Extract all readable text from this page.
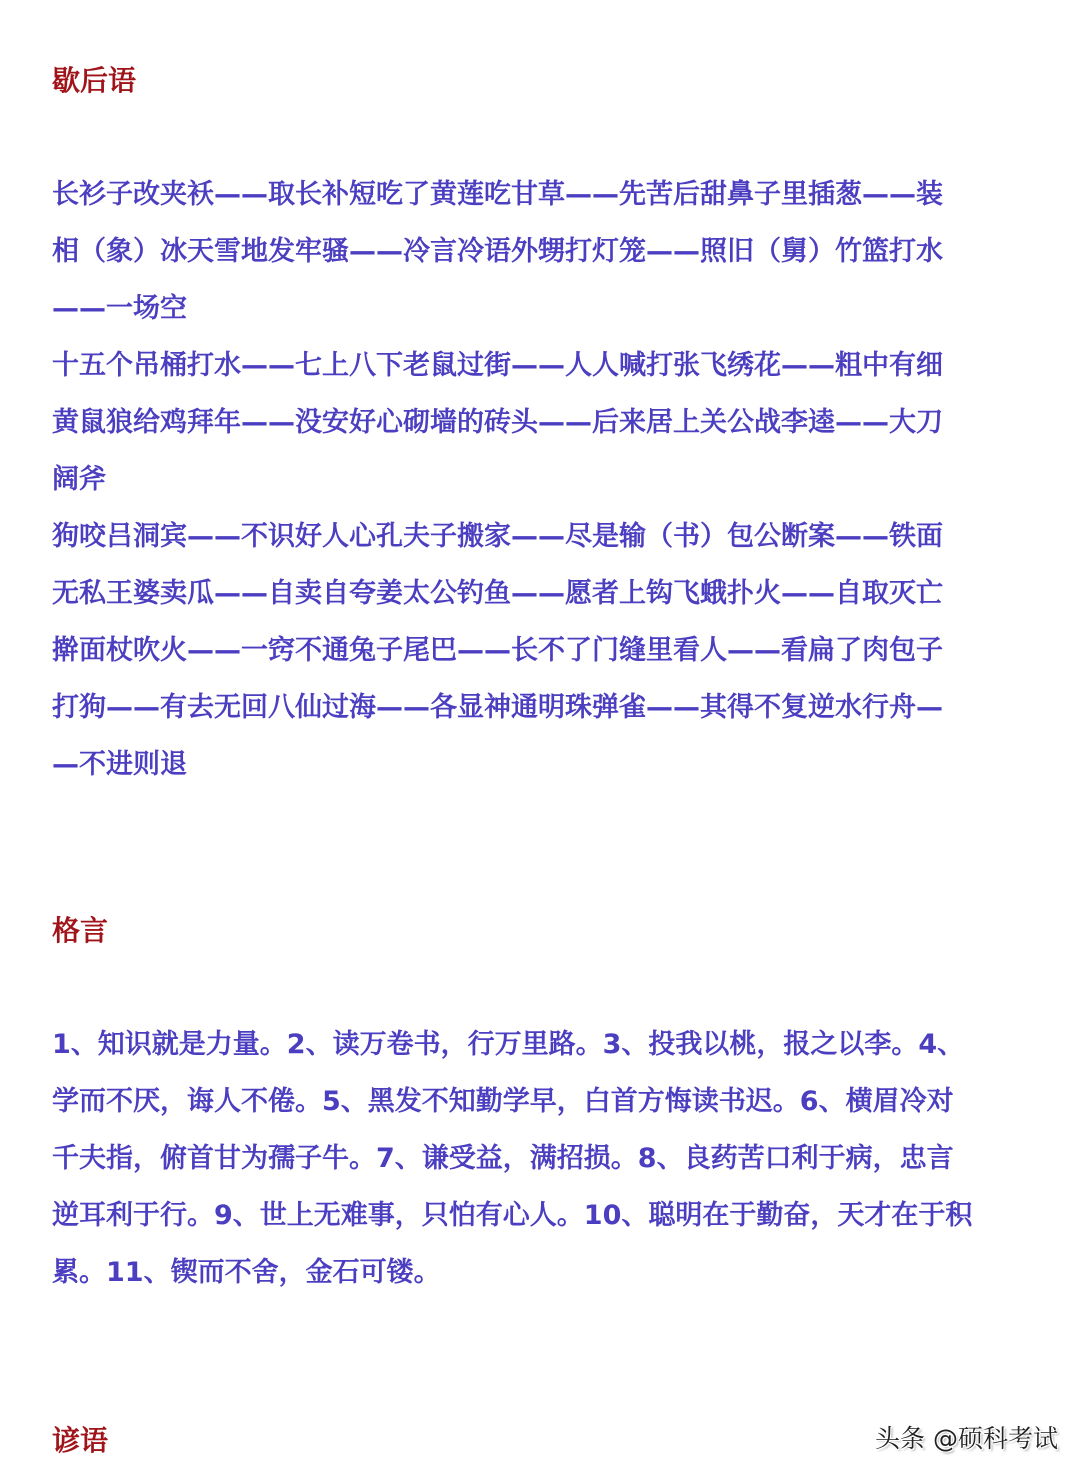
歇后语
长衫子改夹袄——取长补短吃了黄莲吃甘草——先苦后甜鼻子里插葱——装
相（象）冰天雪地发牢骚——冷言冷语外甥打灯笼——照旧（舅）竹篮打水
——一场空
十五个吊桶打水——七上八下老鼠过街——人人喊打张飞绣花——粗中有细
黄鼠狼给鸡拜年——没安好心砌墙的砖头——后来居上关公战李逵——大刀
阔斧
狗咬吕洞宾——不识好人心孔夫子搬家——尽是输（书）包公断案——铁面
无私王婆卖瓜——自卖自夸姜太公钓鱼——愿者上钩飞蛾扑火——自取灭亡
擀面杖吹火——一窍不通兔子尾巴——长不了门缝里看人——看扁了肉包子
打狗——有去无回八仙过海——各显神通明珠弹雀——其得不复逆水行舟—
—不进则退
格言
1、知识就是力量。2、读万卷书，行万里路。3、投我以桃，报之以李。4、
学而不厌，诲人不倦。5、黑发不知勤学早，白首方悔读书迟。6、横眉冷对
千夫指，俯首甘为孺子牛。7、谦受益，满招损。8、良药苦口利于病，忠言
逆耳利于行。9、世上无难事，只怕有心人。10、聪明在于勤奋，天才在于积
累。11、锲而不舍，金石可镂。
谚语	头条 @硕科考试
